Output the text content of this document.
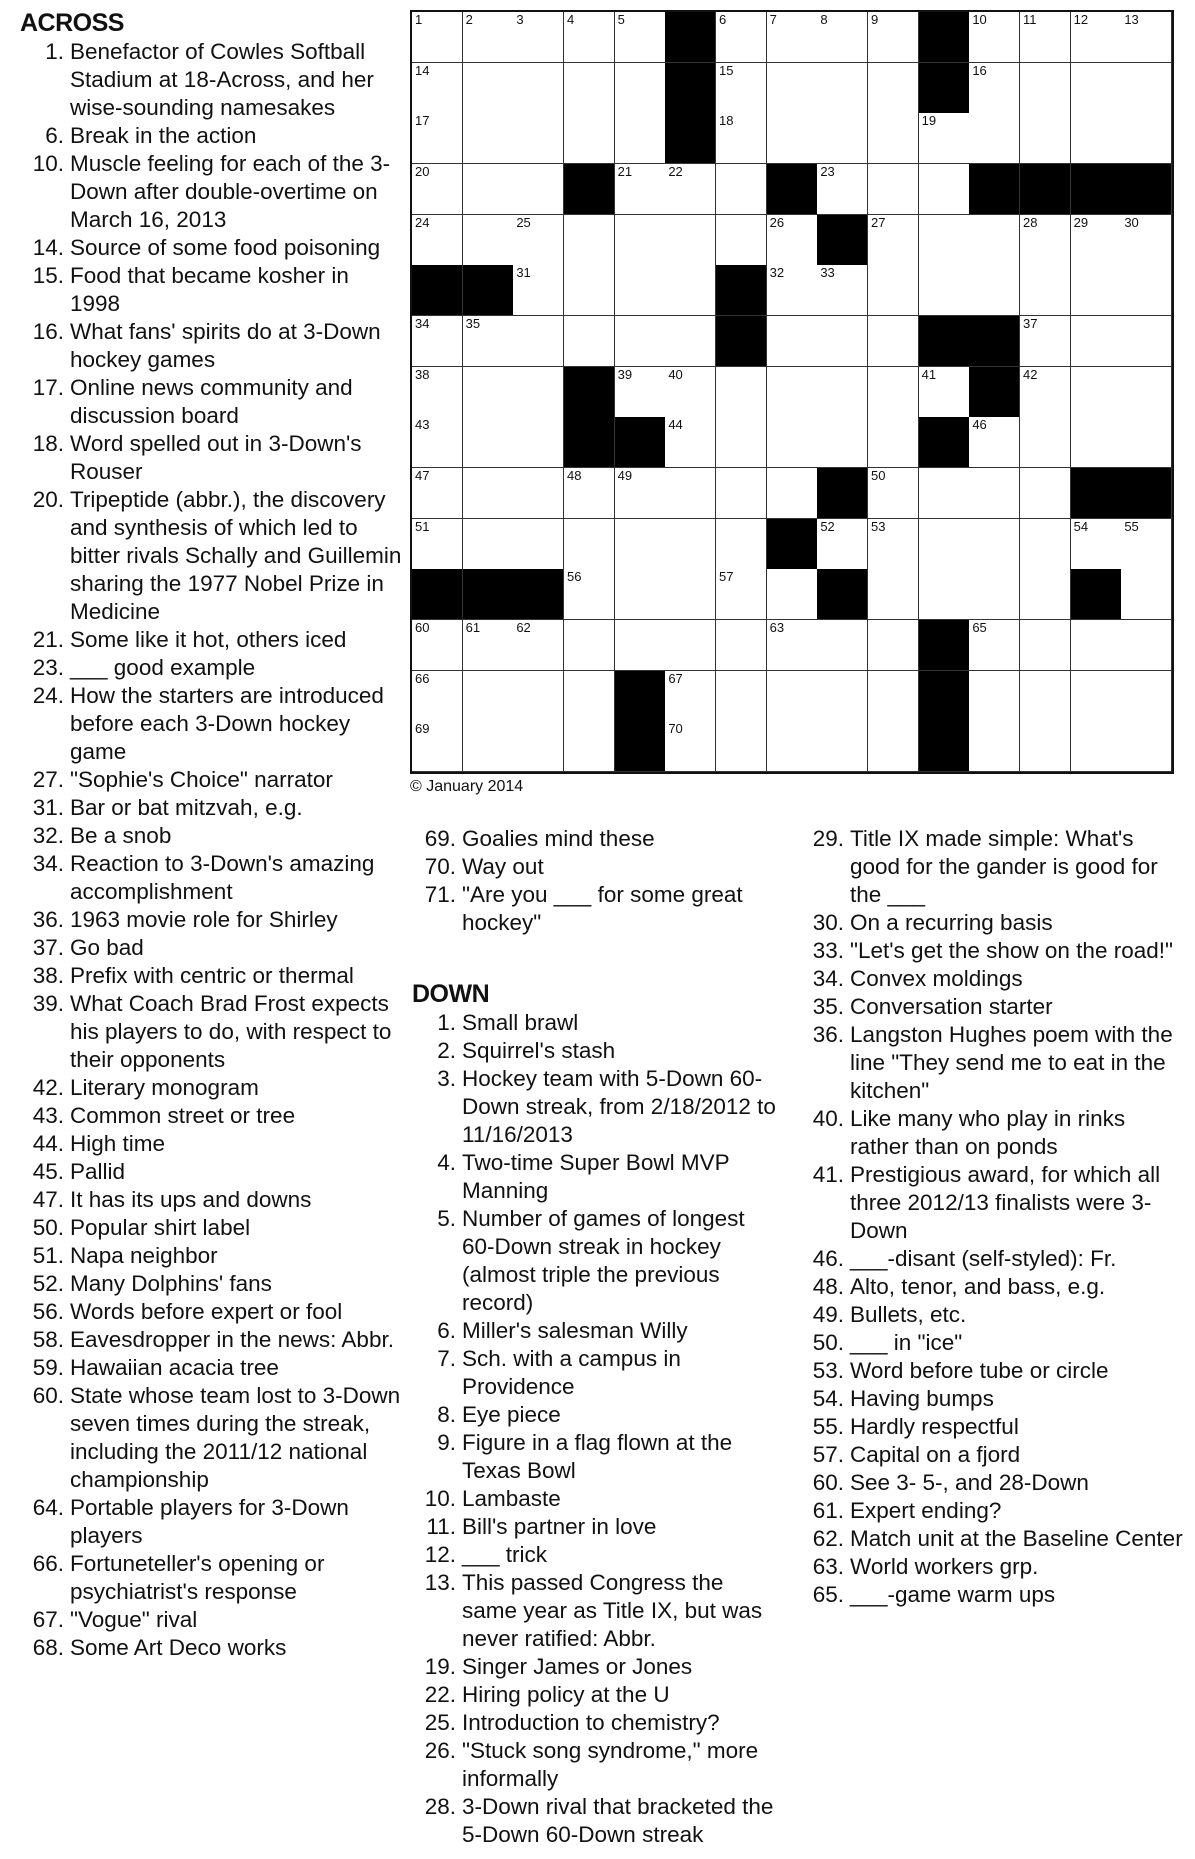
ACROSS
1. Benefactor of Cowles Softball Stadium at 18-Across, and her wise-sounding namesakes
6. Break in the action
10. Muscle feeling for each of the 3-Down after double-overtime on March 16, 2013
14. Source of some food poisoning
15. Food that became kosher in 1998
16. What fans' spirits do at 3-Down hockey games
17. Online news community and discussion board
18. Word spelled out in 3-Down's Rouser
20. Tripeptide (abbr.), the discovery and synthesis of which led to bitter rivals Schally and Guillemin sharing the 1977 Nobel Prize in Medicine
21. Some like it hot, others iced
23. ___ good example
24. How the starters are introduced before each 3-Down hockey game
27. "Sophie's Choice" narrator
31. Bar or bat mitzvah, e.g.
32. Be a snob
34. Reaction to 3-Down's amazing accomplishment
36. 1963 movie role for Shirley
37. Go bad
38. Prefix with centric or thermal
39. What Coach Brad Frost expects his players to do, with respect to their opponents
42. Literary monogram
43. Common street or tree
44. High time
45. Pallid
47. It has its ups and downs
50. Popular shirt label
51. Napa neighbor
52. Many Dolphins' fans
56. Words before expert or fool
58. Eavesdropper in the news: Abbr.
59. Hawaiian acacia tree
60. State whose team lost to 3-Down seven times during the streak, including the 2011/12 national championship
64. Portable players for 3-Down players
66. Fortuneteller's opening or psychiatrist's response
67. "Vogue" rival
68. Some Art Deco works
1	2	3	4	5	6	7	8	9	10	11	12	13
14	15	16
17	18	19
20	21	22	23
24	25	26	27	28	29	30
31	32	33
34	35	37
38	39	40	41	42
43	44	46
47	48	49	50
51	52	53	54	55
56	57
60	61	62	63	65
66	67
69	70
© January 2014
69. Goalies mind these
70. Way out
71. "Are you ___ for some great hockey"
DOWN
1. Small brawl
2. Squirrel's stash
3. Hockey team with 5-Down 60-Down streak, from 2/18/2012 to 11/16/2013
4. Two-time Super Bowl MVP Manning
5. Number of games of longest 60-Down streak in hockey (almost triple the previous record)
6. Miller's salesman Willy
7. Sch. with a campus in Providence
8. Eye piece
9. Figure in a flag flown at the Texas Bowl
10. Lambaste
11. Bill's partner in love
12. ___ trick
13. This passed Congress the same year as Title IX, but was never ratified: Abbr.
19. Singer James or Jones
22. Hiring policy at the U
25. Introduction to chemistry?
26. "Stuck song syndrome," more informally
28. 3-Down rival that bracketed the 5-Down 60-Down streak
29. Title IX made simple: What's good for the gander is good for the ___
30. On a recurring basis
33. "Let's get the show on the road!"
34. Convex moldings
35. Conversation starter
36. Langston Hughes poem with the line "They send me to eat in the kitchen"
40. Like many who play in rinks rather than on ponds
41. Prestigious award, for which all three 2012/13 finalists were 3-Down
46. ___-disant (self-styled): Fr.
48. Alto, tenor, and bass, e.g.
49. Bullets, etc.
50. ___ in "ice"
53. Word before tube or circle
54. Having bumps
55. Hardly respectful
57. Capital on a fjord
60. See 3- 5-, and 28-Down
61. Expert ending?
62. Match unit at the Baseline Center
63. World workers grp.
65. ___-game warm ups
